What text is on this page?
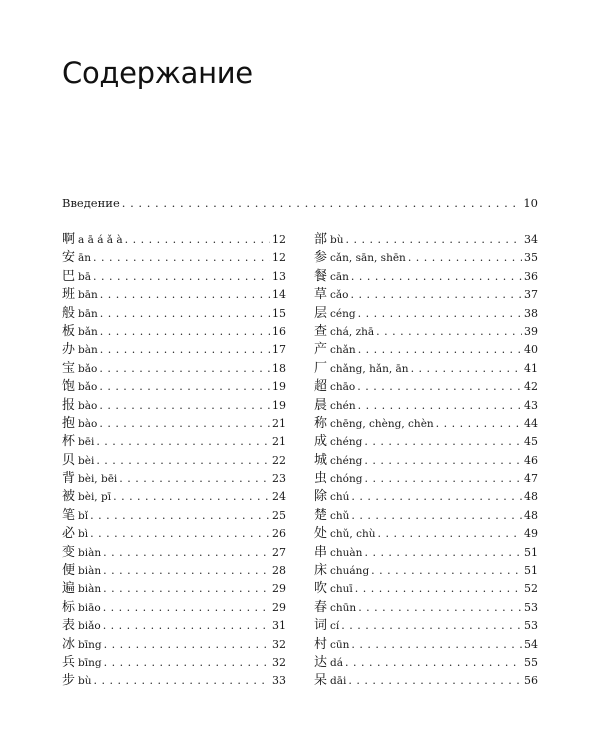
Содержание
Введение . . .	10
啊 a ā á ǎ à . . .	12
安 ān . . .	12
巴 bā . . .	13
班 bān . . .	14
般 bān . . .	15
板 bǎn . . .	16
办 bàn . . .	17
宝 bǎo . . .	18
饱 bǎo . . .	19
报 bào . . .	19
抱 bào . . .	21
杯 bēi . . .	21
贝 bèi . . .	22
背 bèi, bēi . . .	23
被 bèi, pī . . .	24
笔 bǐ . . .	25
必 bì . . .	26
变 biàn . . .	27
便 biàn . . .	28
遍 biàn . . .	29
标 biāo . . .	29
表 biǎo . . .	31
冰 bīng . . .	32
兵 bīng . . .	32
步 bù . . .	33
部 bù . . .	34
参 cǎn, sān, shēn . . .	35
餐 cān . . .	36
草 cǎo . . .	37
层 céng . . .	38
查 chá, zhā . . .	39
产 chǎn . . .	40
厂 chǎng, hǎn, ān . . .	41
超 chāo . . .	42
晨 chén . . .	43
称 chēng, chèng, chèn . . .	44
成 chéng . . .	45
城 chéng . . .	46
虫 chóng . . .	47
除 chú . . .	48
楚 chǔ . . .	48
处 chǔ, chù . . .	49
串 chuàn . . .	51
床 chuáng . . .	51
吹 chuī . . .	52
春 chūn . . .	53
词 cí . . .	53
村 cūn . . .	54
达 dá . . .	55
呆 dāi . . .	56
